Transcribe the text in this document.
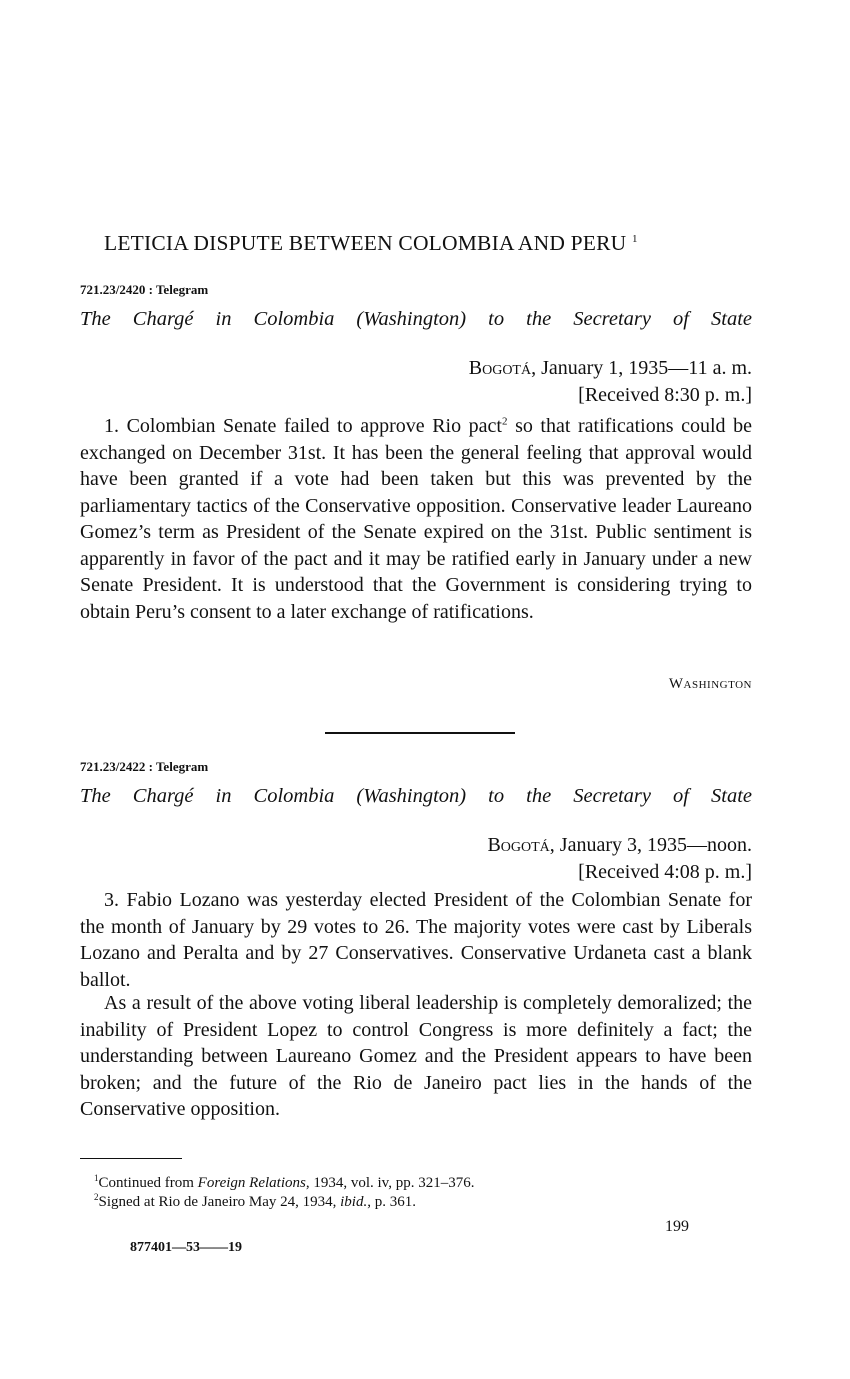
LETICIA DISPUTE BETWEEN COLOMBIA AND PERU $^1$
721.23/2420 : Telegram
The Chargé in Colombia (Washington) to the Secretary of State
Bogotá, January 1, 1935—11 a. m.
[Received 8:30 p. m.]

1. Colombian Senate failed to approve Rio pact$^2$ so that ratifications could be exchanged on December 31st. It has been the general feeling that approval would have been granted if a vote had been taken but this was prevented by the parliamentary tactics of the Conservative opposition. Conservative leader Laureano Gomez’s term as President of the Senate expired on the 31st. Public sentiment is apparently in favor of the pact and it may be ratified early in January under a new Senate President. It is understood that the Government is considering trying to obtain Peru’s consent to a later exchange of ratifications.

Washington
721.23/2422 : Telegram
The Chargé in Colombia (Washington) to the Secretary of State
Bogotá, January 3, 1935—noon.
[Received 4:08 p. m.]

3. Fabio Lozano was yesterday elected President of the Colombian Senate for the month of January by 29 votes to 26. The majority votes were cast by Liberals Lozano and Peralta and by 27 Conservatives. Conservative Urdaneta cast a blank ballot.

As a result of the above voting liberal leadership is completely demoralized; the inability of President Lopez to control Congress is more definitely a fact; the understanding between Laureano Gomez and the President appears to have been broken; and the future of the Rio de Janeiro pact lies in the hands of the Conservative opposition.

$^1$Continued from Foreign Relations, 1934, vol. iv, pp. 321–376.
$^2$Signed at Rio de Janeiro May 24, 1934, ibid., p. 361.
199
877401—53——19
